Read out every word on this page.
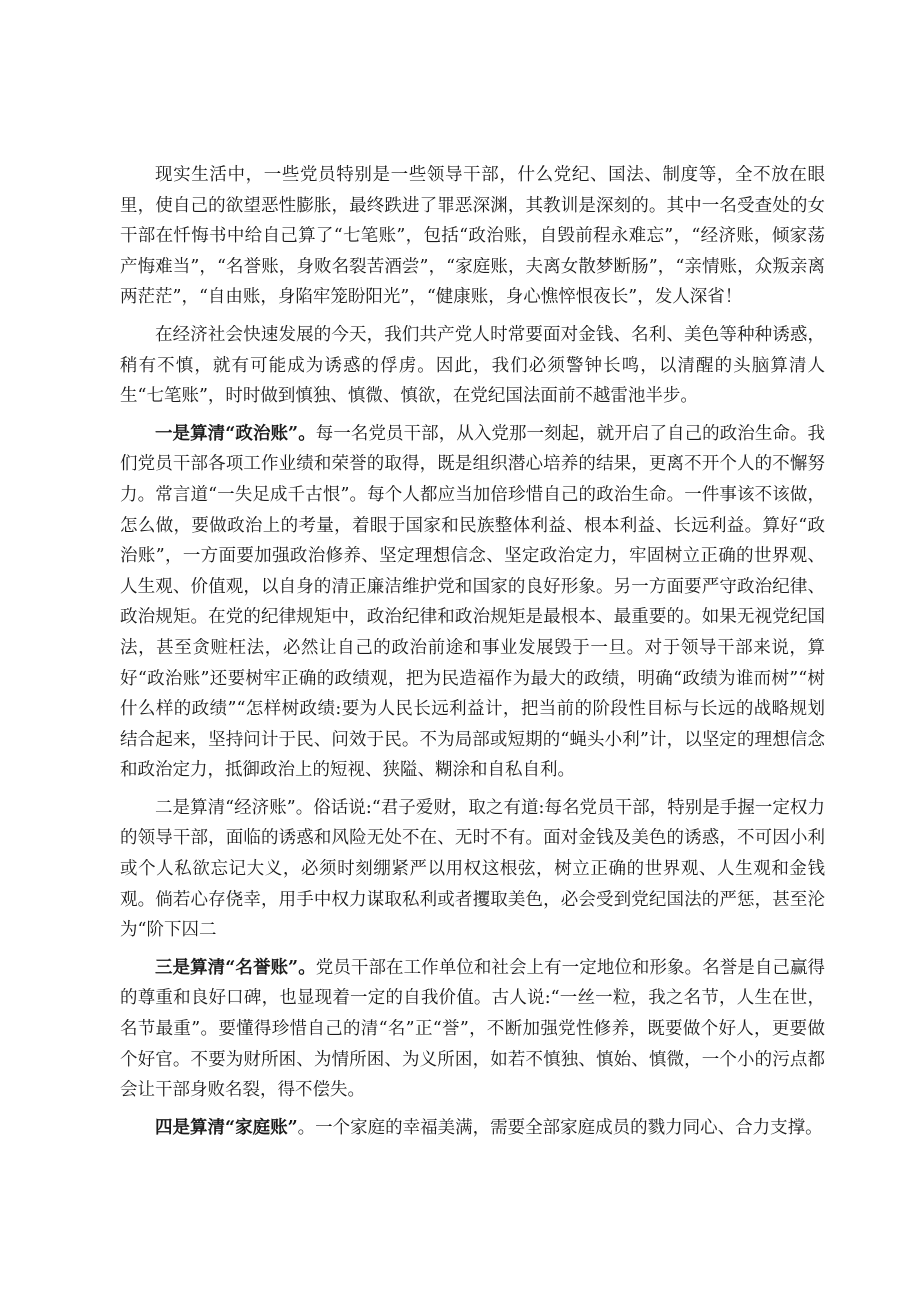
现实生活中，一些党员特别是一些领导干部，什么党纪、国法、制度等，全不放在眼里，使自己的欲望恶性膨胀，最终跌进了罪恶深渊，其教训是深刻的。其中一名受查处的女干部在忏悔书中给自己算了“七笔账”，包括“政治账，自毁前程永难忘”，“经济账，倾家荡产悔难当”，“名誉账，身败名裂苦酒尝”，“家庭账，夫离女散梦断肠”，“亲情账，众叛亲离两茫茫”，“自由账，身陷牢笼盼阳光”，“健康账，身心憔悴恨夜长”，发人深省！

在经济社会快速发展的今天，我们共产党人时常要面对金钱、名利、美色等种种诱惑，稍有不慎，就有可能成为诱惑的俘虏。因此，我们必须警钟长鸣，以清醒的头脑算清人生“七笔账”，时时做到慎独、慎微、慎欲，在党纪国法面前不越雷池半步。

一是算清“政治账”。每一名党员干部，从入党那一刻起，就开启了自己的政治生命。我们党员干部各项工作业绩和荣誉的取得，既是组织潜心培养的结果，更离不开个人的不懈努力。常言道“一失足成千古恨”。每个人都应当加倍珍惜自己的政治生命。一件事该不该做，怎么做，要做政治上的考量，着眼于国家和民族整体利益、根本利益、长远利益。算好“政治账”，一方面要加强政治修养、坚定理想信念、坚定政治定力，牢固树立正确的世界观、人生观、价值观，以自身的清正廉洁维护党和国家的良好形象。另一方面要严守政治纪律、政治规矩。在党的纪律规矩中，政治纪律和政治规矩是最根本、最重要的。如果无视党纪国法，甚至贪赃枉法，必然让自己的政治前途和事业发展毁于一旦。对于领导干部来说，算好“政治账”还要树牢正确的政绩观，把为民造福作为最大的政绩，明确“政绩为谁而树”“树什么样的政绩”“怎样树政绩:要为人民长远利益计，把当前的阶段性目标与长远的战略规划结合起来，坚持问计于民、问效于民。不为局部或短期的“蝇头小利”计，以坚定的理想信念和政治定力，抵御政治上的短视、狭隘、糊涂和自私自利。

二是算清“经济账”。俗话说:“君子爱财，取之有道:每名党员干部，特别是手握一定权力的领导干部，面临的诱惑和风险无处不在、无时不有。面对金钱及美色的诱惑，不可因小利或个人私欲忘记大义，必须时刻绷紧严以用权这根弦，树立正确的世界观、人生观和金钱观。倘若心存侥幸，用手中权力谋取私利或者攫取美色，必会受到党纪国法的严惩，甚至沦为“阶下囚二

三是算清“名誉账”。党员干部在工作单位和社会上有一定地位和形象。名誉是自己赢得的尊重和良好口碑，也显现着一定的自我价值。古人说:“一丝一粒，我之名节，人生在世，名节最重”。要懂得珍惜自己的清“名”正“誉”，不断加强党性修养，既要做个好人，更要做个好官。不要为财所困、为情所困、为义所困，如若不慎独、慎始、慎微，一个小的污点都会让干部身败名裂，得不偿失。

四是算清“家庭账”。一个家庭的幸福美满，需要全部家庭成员的戮力同心、合力支撑。
